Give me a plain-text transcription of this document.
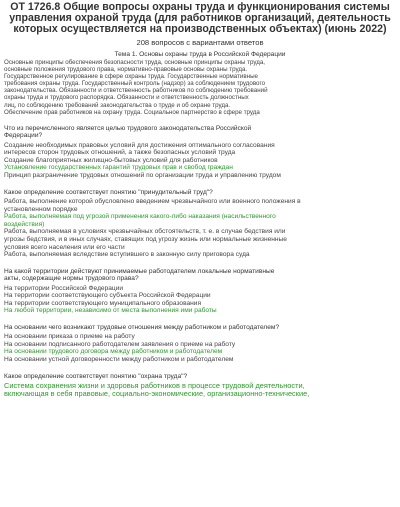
ОТ 1726.8 Общие вопросы охраны труда и функционирования системы
управления охраной труда (для работников организаций, деятельность
которых осуществляется на производственных объектах) (июнь 2022)
208 вопросов с вариантами ответов
Тема 1. Основы охраны труда в Российской Федерации
Основные принципы обеспечения безопасности труда, основные принципы охраны труда,
основные положения трудового права, нормативно-правовые основы охраны труда.
Государственное регулирование в сфере охраны труда. Государственные нормативные
требования охраны труда. Государственный контроль (надзор) за соблюдением трудового
законодательства. Обязанности и ответственность работников по соблюдению требований
охраны труда и трудового распорядка. Обязанности и ответственность должностных
лиц, по соблюдению требований законодательства о труде и об охране труда.
Обеспечение прав работников на охрану труда. Социальное партнерство в сфере труда
Что из перечисленного является целью трудового законодательства Российской
Федерации?
Создание необходимых правовых условий для достижения оптимального согласования
интересов сторон трудовых отношений, а также безопасных условий труда
Создание благоприятных жилищно-бытовых условий для работников
Установление государственных гарантий трудовых прав и свобод граждан
Принцип разграничение трудовых отношений по организации труда и управлению трудом
Какое определение соответствует понятию "принудительный труд"?
Работа, выполнение которой обусловлено введением чрезвычайного или военного положения в
установленном порядке
Работа, выполняемая под угрозой применения какого-либо наказания (насильственного
воздействия)
Работа, выполняемая в условиях чрезвычайных обстоятельств, т. е. в случае бедствия или
угрозы бедствия, и в иных случаях, ставящих под угрозу жизнь или нормальные жизненные
условия всего населения или его части
Работа, выполняемая вследствие вступившего в законную силу приговора суда
На какой территории действуют принимаемые работодателем локальные нормативные
акты, содержащие нормы трудового права?
На территории Российской Федерации
На территории соответствующего субъекта Российской Федерации
На территории соответствующего муниципального образования
На любой территории, независимо от места выполнения ими работы
На основании чего возникают трудовые отношения между работником и работодателем?
На основании приказа о приеме на работу
На основании подписанного работодателем заявления о приеме на работу
На основании трудового договора между работником и работодателем
На основании устной договоренности между работником и работодателем
Какое определение соответствует понятию "охрана труда"?
Система сохранения жизни и здоровья работников в процессе трудовой деятельности,
включающая в себя правовые, социально-экономические, организационно-технические,
